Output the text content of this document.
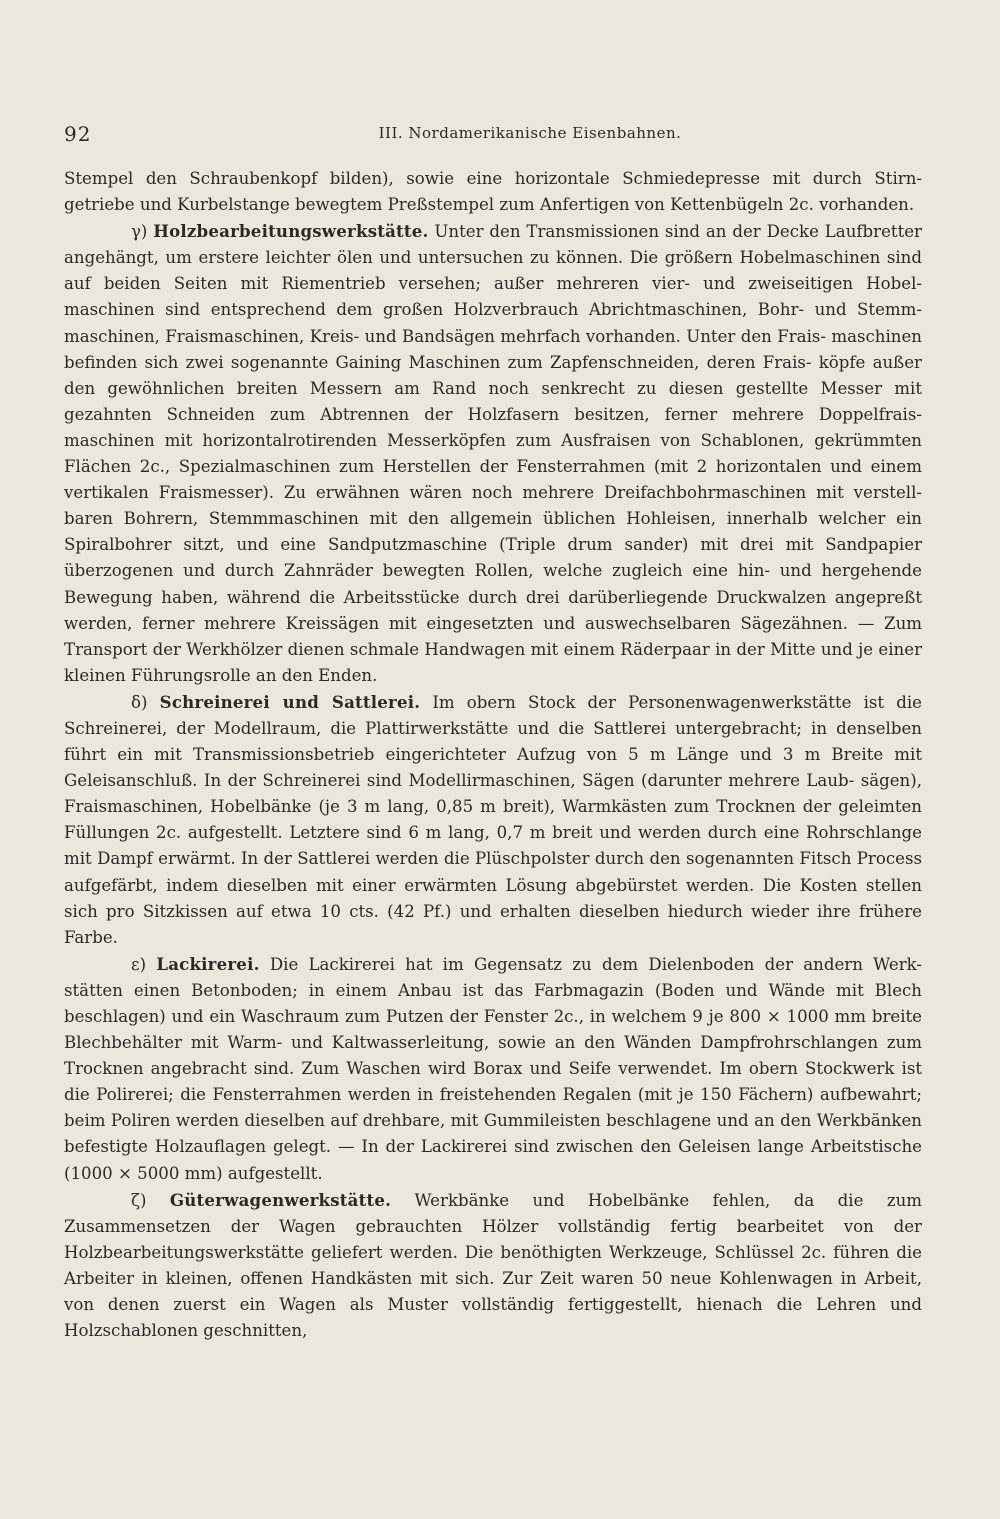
92	III. Nordamerikanische Eisenbahnen.

Stempel den Schraubenkopf bilden), sowie eine horizontale Schmiedepresse mit durch Stirn- getriebe und Kurbelstange bewegtem Preßstempel zum Anfertigen von Kettenbügeln 2c. vorhanden.

γ) Holzbearbeitungswerkstätte. Unter den Transmissionen sind an der Decke Laufbretter angehängt, um erstere leichter ölen und untersuchen zu können. Die größern Hobelmaschinen sind auf beiden Seiten mit Riementrieb versehen; außer mehreren vier- und zweiseitigen Hobel- maschinen sind entsprechend dem großen Holzverbrauch Abrichtmaschinen, Bohr- und Stemm- maschinen, Fraismaschinen, Kreis- und Bandsägen mehrfach vorhanden. Unter den Frais- maschinen befinden sich zwei sogenannte Gaining Maschinen zum Zapfenschneiden, deren Frais- köpfe außer den gewöhnlichen breiten Messern am Rand noch senkrecht zu diesen gestellte Messer mit gezahnten Schneiden zum Abtrennen der Holzfasern besitzen, ferner mehrere Doppelfrais- maschinen mit horizontalrotirenden Messerköpfen zum Ausfraisen von Schablonen, gekrümmten Flächen 2c., Spezialmaschinen zum Herstellen der Fensterrahmen (mit 2 horizontalen und einem vertikalen Fraismesser). Zu erwähnen wären noch mehrere Dreifachbohrmaschinen mit verstell- baren Bohrern, Stemmmaschinen mit den allgemein üblichen Hohleisen, innerhalb welcher ein Spiralbohrer sitzt, und eine Sandputzmaschine (Triple drum sander) mit drei mit Sandpapier überzogenen und durch Zahnräder bewegten Rollen, welche zugleich eine hin- und hergehende Bewegung haben, während die Arbeitsstücke durch drei darüberliegende Druckwalzen angepreßt werden, ferner mehrere Kreissägen mit eingesetzten und auswechselbaren Sägezähnen. — Zum Transport der Werkhölzer dienen schmale Handwagen mit einem Räderpaar in der Mitte und je einer kleinen Führungsrolle an den Enden.

δ) Schreinerei und Sattlerei. Im obern Stock der Personenwagenwerkstätte ist die Schreinerei, der Modellraum, die Plattirwerkstätte und die Sattlerei untergebracht; in denselben führt ein mit Transmissionsbetrieb eingerichteter Aufzug von 5 m Länge und 3 m Breite mit Geleisanschluß. In der Schreinerei sind Modellirmaschinen, Sägen (darunter mehrere Laub- sägen), Fraismaschinen, Hobelbänke (je 3 m lang, 0,85 m breit), Warmkästen zum Trocknen der geleimten Füllungen 2c. aufgestellt. Letztere sind 6 m lang, 0,7 m breit und werden durch eine Rohrschlange mit Dampf erwärmt. In der Sattlerei werden die Plüschpolster durch den sogenannten Fitsch Process aufgefärbt, indem dieselben mit einer erwärmten Lösung abgebürstet werden. Die Kosten stellen sich pro Sitzkissen auf etwa 10 cts. (42 Pf.) und erhalten dieselben hiedurch wieder ihre frühere Farbe.

ε) Lackirerei. Die Lackirerei hat im Gegensatz zu dem Dielenboden der andern Werk- stätten einen Betonboden; in einem Anbau ist das Farbmagazin (Boden und Wände mit Blech beschlagen) und ein Waschraum zum Putzen der Fenster 2c., in welchem 9 je 800 × 1000 mm breite Blechbehälter mit Warm- und Kaltwasserleitung, sowie an den Wänden Dampfrohrschlangen zum Trocknen angebracht sind. Zum Waschen wird Borax und Seife verwendet. Im obern Stockwerk ist die Polirerei; die Fensterrahmen werden in freistehenden Regalen (mit je 150 Fächern) aufbewahrt; beim Poliren werden dieselben auf drehbare, mit Gummileisten beschlagene und an den Werkbänken befestigte Holzauflagen gelegt. — In der Lackirerei sind zwischen den Geleisen lange Arbeitstische (1000 × 5000 mm) aufgestellt.

ζ) Güterwagenwerkstätte. Werkbänke und Hobelbänke fehlen, da die zum Zusammensetzen der Wagen gebrauchten Hölzer vollständig fertig bearbeitet von der Holzbearbeitungswerkstätte geliefert werden. Die benöthigten Werkzeuge, Schlüssel 2c. führen die Arbeiter in kleinen, offenen Handkästen mit sich. Zur Zeit waren 50 neue Kohlenwagen in Arbeit, von denen zuerst ein Wagen als Muster vollständig fertiggestellt, hienach die Lehren und Holzschablonen geschnitten,
